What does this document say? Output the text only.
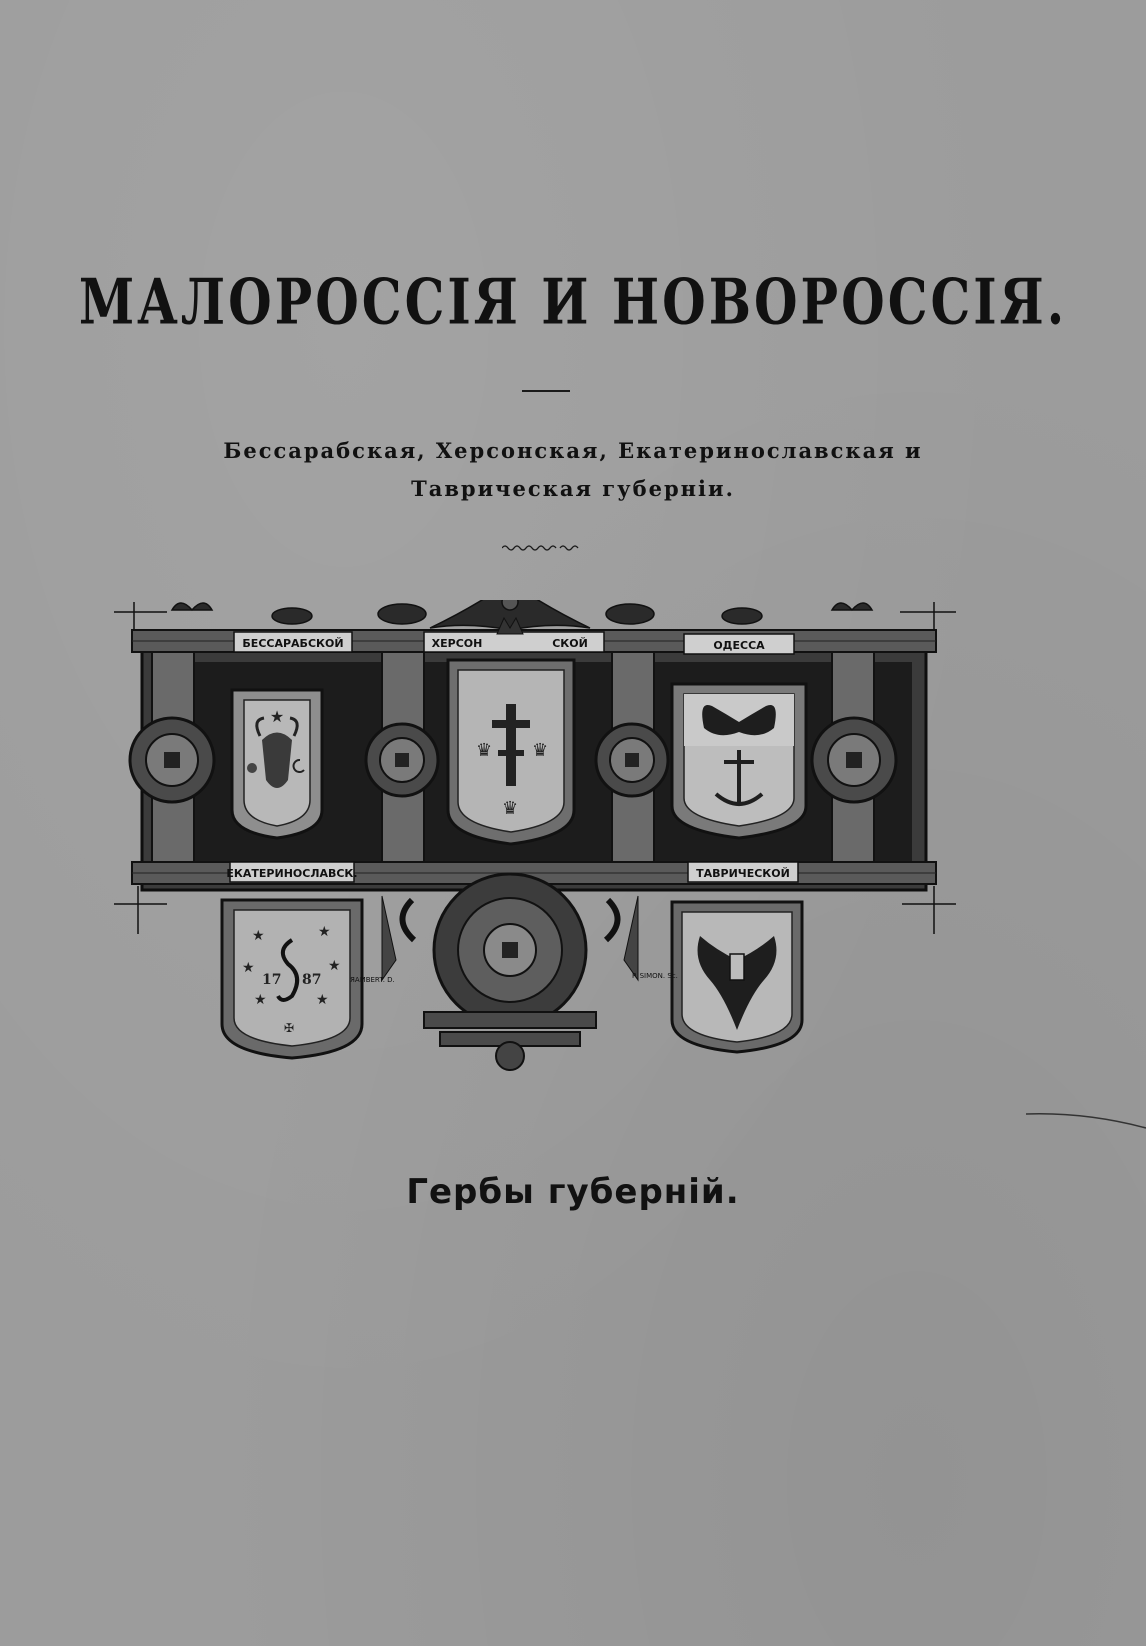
МАЛОРОССІЯ И НОВОРОССІЯ.
Бессарабская, Херсонская, Екатеринославская и
Таврическая губерніи.
БЕССАРАБСКОЙ	ХЕРСОН	СКОЙ	ОДЕССА
★
♛ ♛
♛
ЕКАТЕРИНОСЛАВСК.	ТАВРИЧЕСКОЙ
★	★
★	★
★	★
17 87
✠
ЯAMBERT. D.	P. SIMON. Sc.
Гербы губерній.
